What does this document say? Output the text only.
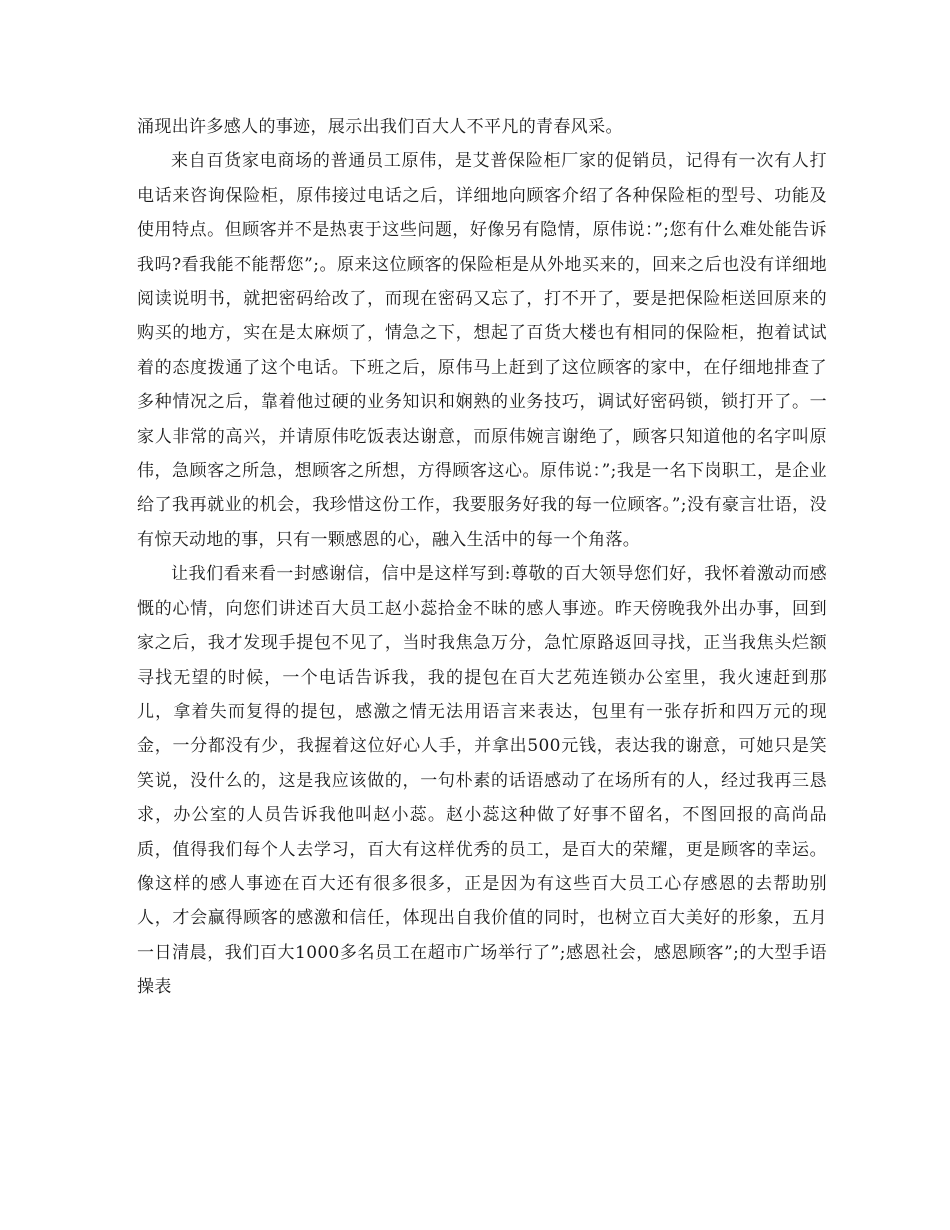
涌现出许多感人的事迹，展示出我们百大人不平凡的青春风采。

来自百货家电商场的普通员工原伟，是艾普保险柜厂家的促销员，记得有一次有人打电话来咨询保险柜，原伟接过电话之后，详细地向顾客介绍了各种保险柜的型号、功能及使用特点。但顾客并不是热衷于这些问题，好像另有隐情，原伟说：”;您有什么难处能告诉我吗?看我能不能帮您”;。原来这位顾客的保险柜是从外地买来的，回来之后也没有详细地阅读说明书，就把密码给改了，而现在密码又忘了，打不开了，要是把保险柜送回原来的购买的地方，实在是太麻烦了，情急之下，想起了百货大楼也有相同的保险柜，抱着试试着的态度拨通了这个电话。下班之后，原伟马上赶到了这位顾客的家中，在仔细地排查了多种情况之后，靠着他过硬的业务知识和娴熟的业务技巧，调试好密码锁，锁打开了。一家人非常的高兴，并请原伟吃饭表达谢意，而原伟婉言谢绝了，顾客只知道他的名字叫原伟，急顾客之所急，想顾客之所想，方得顾客这心。原伟说：”;我是一名下岗职工，是企业给了我再就业的机会，我珍惜这份工作，我要服务好我的每一位顾客。”;没有豪言壮语，没有惊天动地的事，只有一颗感恩的心，融入生活中的每一个角落。

让我们看来看一封感谢信，信中是这样写到:尊敬的百大领导您们好，我怀着激动而感慨的心情，向您们讲述百大员工赵小蕊拾金不昧的感人事迹。昨天傍晚我外出办事，回到家之后，我才发现手提包不见了，当时我焦急万分，急忙原路返回寻找，正当我焦头烂额寻找无望的时候，一个电话告诉我，我的提包在百大艺苑连锁办公室里，我火速赶到那儿，拿着失而复得的提包，感激之情无法用语言来表达，包里有一张存折和四万元的现金，一分都没有少，我握着这位好心人手，并拿出500元钱，表达我的谢意，可她只是笑笑说，没什么的，这是我应该做的，一句朴素的话语感动了在场所有的人，经过我再三恳求，办公室的人员告诉我他叫赵小蕊。赵小蕊这种做了好事不留名，不图回报的高尚品质，值得我们每个人去学习，百大有这样优秀的员工，是百大的荣耀，更是顾客的幸运。像这样的感人事迹在百大还有很多很多，正是因为有这些百大员工心存感恩的去帮助别人，才会赢得顾客的感激和信任，体现出自我价值的同时，也树立百大美好的形象，五月一日清晨，我们百大1000多名员工在超市广场举行了”;感恩社会，感恩顾客”;的大型手语操表
